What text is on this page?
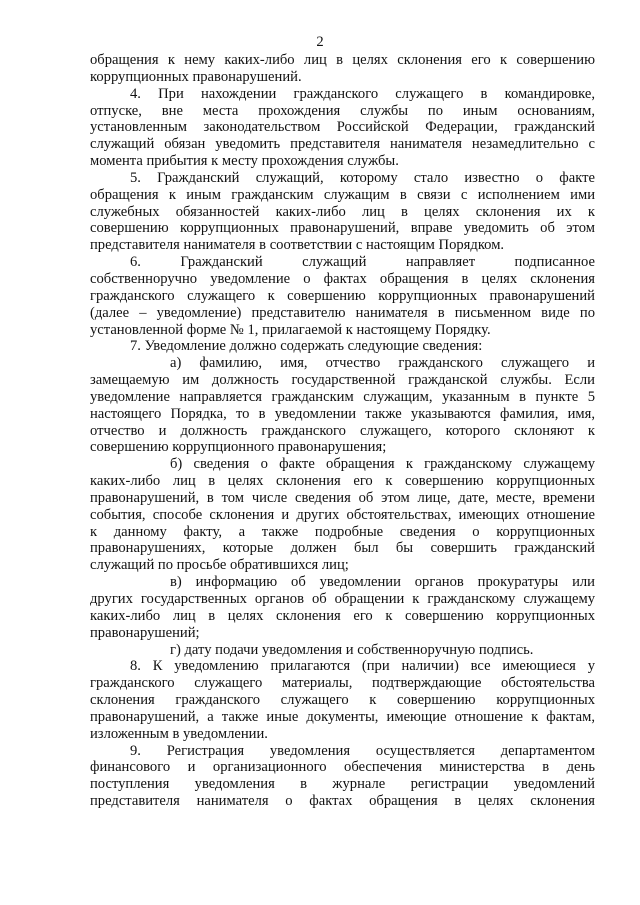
2
обращения к нему каких-либо лиц в целях склонения его к совершению
коррупционных правонарушений.
4. При нахождении гражданского служащего в командировке,
отпуске, вне места прохождения службы по иным основаниям,
установленным законодательством Российской Федерации, гражданский
служащий обязан уведомить представителя нанимателя незамедлительно с
момента прибытия к месту прохождения службы.
5. Гражданский служащий, которому стало известно о факте
обращения к иным гражданским служащим в связи с исполнением ими
служебных обязанностей каких-либо лиц в целях склонения их к
совершению коррупционных правонарушений, вправе уведомить об этом
представителя нанимателя в соответствии с настоящим Порядком.
6. Гражданский служащий направляет подписанное
собственноручно уведомление о фактах обращения в целях склонения
гражданского служащего к совершению коррупционных правонарушений
(далее – уведомление) представителю нанимателя в письменном виде по
установленной форме № 1, прилагаемой к настоящему Порядку.
7. Уведомление должно содержать следующие сведения:
а) фамилию, имя, отчество гражданского служащего и
замещаемую им должность государственной гражданской службы. Если
уведомление направляется гражданским служащим, указанным в пункте 5
настоящего Порядка, то в уведомлении также указываются фамилия, имя,
отчество и должность гражданского служащего, которого склоняют к
совершению коррупционного правонарушения;
б) сведения о факте обращения к гражданскому служащему
каких-либо лиц в целях склонения его к совершению коррупционных
правонарушений, в том числе сведения об этом лице, дате, месте, времени
события, способе склонения и других обстоятельствах, имеющих отношение
к данному факту, а также подробные сведения о коррупционных
правонарушениях, которые должен был бы совершить гражданский
служащий по просьбе обратившихся лиц;
в) информацию об уведомлении органов прокуратуры или
других государственных органов об обращении к гражданскому служащему
каких-либо лиц в целях склонения его к совершению коррупционных
правонарушений;
г) дату подачи уведомления и собственноручную подпись.
8. К уведомлению прилагаются (при наличии) все имеющиеся у
гражданского служащего материалы, подтверждающие обстоятельства
склонения гражданского служащего к совершению коррупционных
правонарушений, а также иные документы, имеющие отношение к фактам,
изложенным в уведомлении.
9. Регистрация уведомления осуществляется департаментом
финансового и организационного обеспечения министерства в день
поступления уведомления в журнале регистрации уведомлений
представителя нанимателя о фактах обращения в целях склонения
